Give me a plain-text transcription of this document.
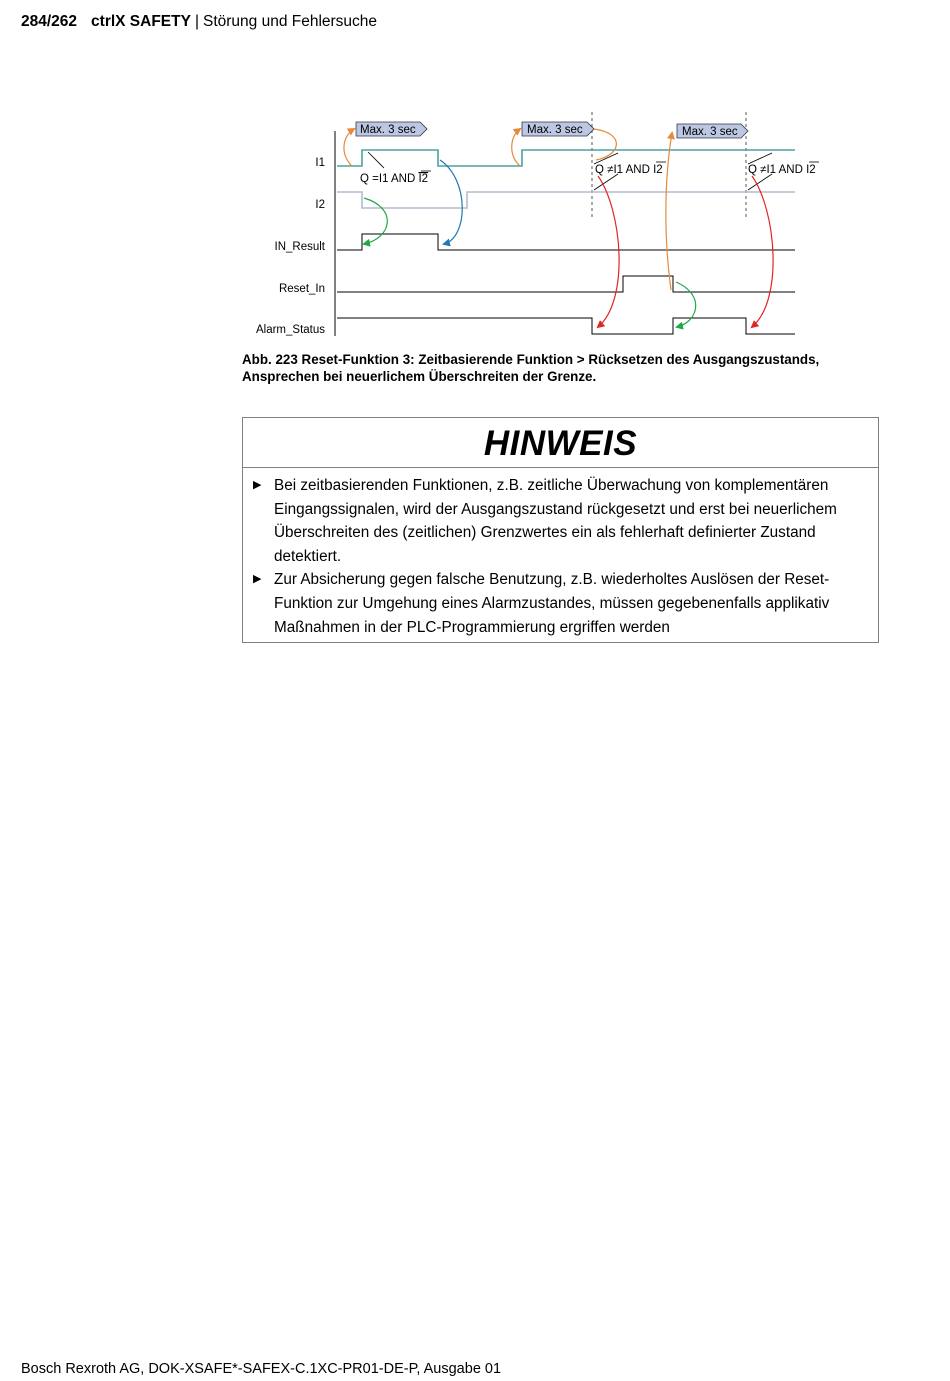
284/262 ctrlX SAFETY | Störung und Fehlersuche
I1
I2
IN_Result
Reset_In
Alarm_Status
Max. 3 sec	Max. 3 sec	Max. 3 sec
Q =I1 AND I2
Q ≠I1 AND I2	Q ≠I1 AND I2
Abb. 223 Reset-Funktion 3: Zeitbasierende Funktion > Rücksetzen des Ausgangszustands, Ansprechen bei neuerlichem Überschreiten der Grenze.
HINWEIS
▶ Bei zeitbasierenden Funktionen, z.B. zeitliche Überwachung von komplementären Eingangssignalen, wird der Ausgangszustand rückgesetzt und erst bei neuerlichem Überschreiten des (zeitlichen) Grenzwertes ein als fehlerhaft definierter Zustand detektiert.
▶ Zur Absicherung gegen falsche Benutzung, z.B. wiederholtes Auslösen der Reset-Funktion zur Umgehung eines Alarmzustandes, müssen gegebenenfalls applikativ Maßnahmen in der PLC-Programmierung ergriffen werden
Bosch Rexroth AG, DOK-XSAFE*-SAFEX-C.1XC-PR01-DE-P, Ausgabe 01
